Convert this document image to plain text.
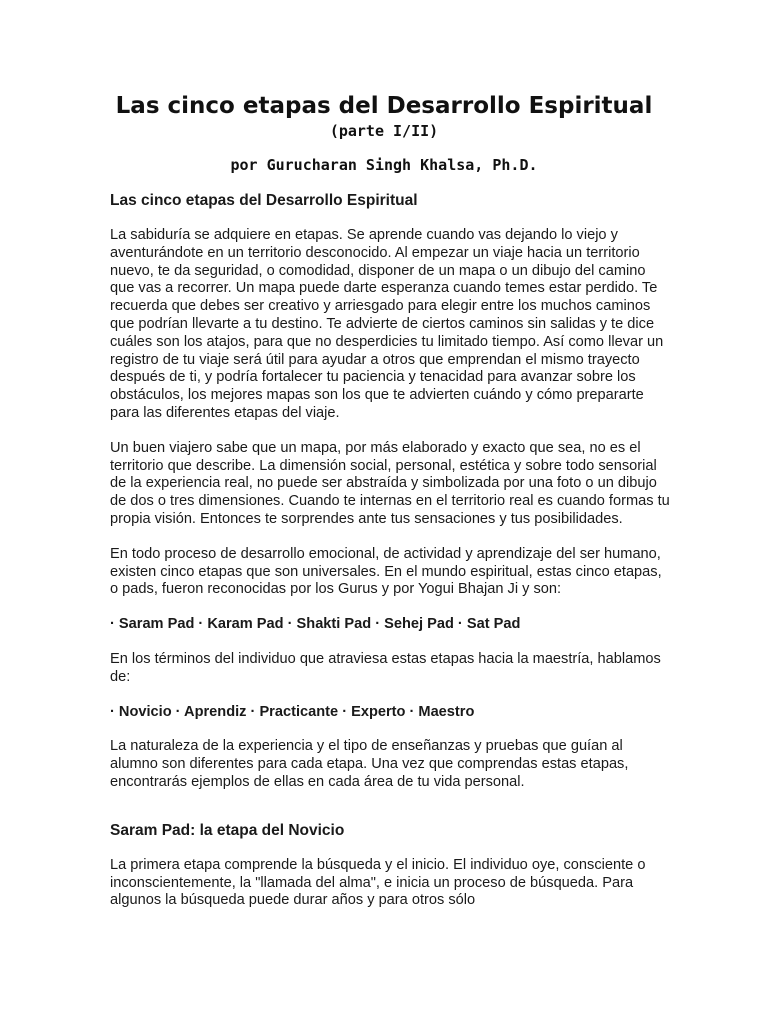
Las cinco etapas del Desarrollo Espiritual
(parte I/II)
por Gurucharan Singh Khalsa, Ph.D.
Las cinco etapas del Desarrollo Espiritual

La sabiduría se adquiere en etapas. Se aprende cuando vas dejando lo viejo y aventurándote en un territorio desconocido. Al empezar un viaje hacia un territorio nuevo, te da seguridad, o comodidad, disponer de un mapa o un dibujo del camino que vas a recorrer. Un mapa puede darte esperanza cuando temes estar perdido. Te recuerda que debes ser creativo y arriesgado para elegir entre los muchos caminos que podrían llevarte a tu destino. Te advierte de ciertos caminos sin salidas y te dice cuáles son los atajos, para que no desperdicies tu limitado tiempo. Así como llevar un registro de tu viaje será útil para ayudar a otros que emprendan el mismo trayecto después de ti, y podría fortalecer tu paciencia y tenacidad para avanzar sobre los obstáculos, los mejores mapas son los que te advierten cuándo y cómo prepararte para las diferentes etapas del viaje.

Un buen viajero sabe que un mapa, por más elaborado y exacto que sea, no es el territorio que describe. La dimensión social, personal, estética y sobre todo sensorial de la experiencia real, no puede ser abstraída y simbolizada por una foto o un dibujo de dos o tres dimensiones. Cuando te internas en el territorio real es cuando formas tu propia visión. Entonces te sorprendes ante tus sensaciones y tus posibilidades.

En todo proceso de desarrollo emocional, de actividad y aprendizaje del ser humano, existen cinco etapas que son universales. En el mundo espiritual, estas cinco etapas, o pads, fueron reconocidas por los Gurus y por Yogui Bhajan Ji y son:

· Saram Pad · Karam Pad · Shakti Pad · Sehej Pad · Sat Pad

En los términos del individuo que atraviesa estas etapas hacia la maestría, hablamos de:

· Novicio · Aprendiz · Practicante · Experto · Maestro

La naturaleza de la experiencia y el tipo de enseñanzas y pruebas que guían al alumno son diferentes para cada etapa. Una vez que comprendas estas etapas, encontrarás ejemplos de ellas en cada área de tu vida personal.

Saram Pad: la etapa del Novicio

La primera etapa comprende la búsqueda y el inicio. El individuo oye, consciente o inconscientemente, la "llamada del alma", e inicia un proceso de búsqueda. Para algunos la búsqueda puede durar años y para otros sólo
